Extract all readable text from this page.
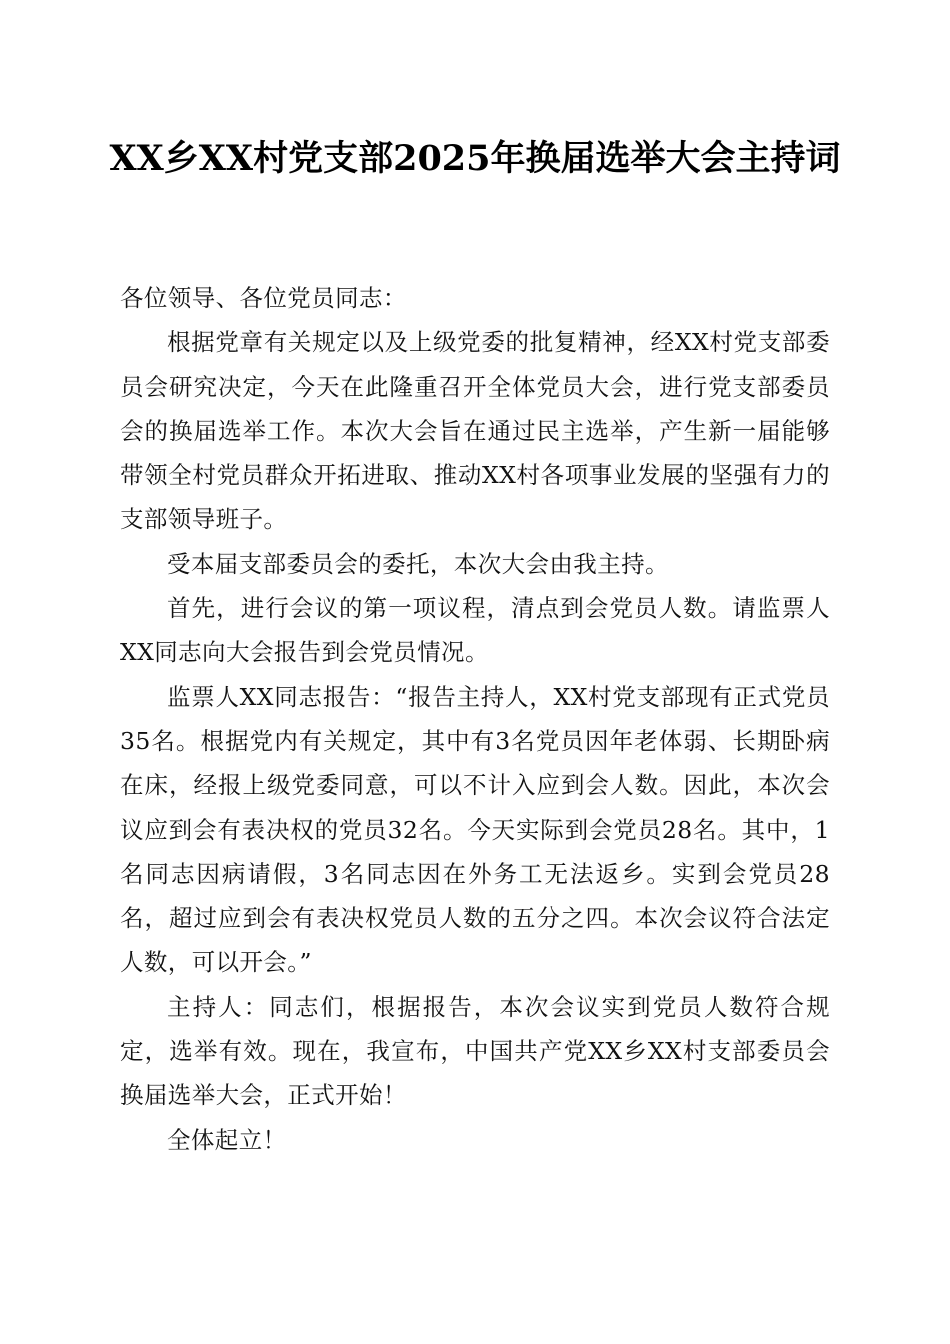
XX乡XX村党支部2025年换届选举大会主持词

各位领导、各位党员同志：

根据党章有关规定以及上级党委的批复精神，经XX村党支部委员会研究决定，今天在此隆重召开全体党员大会，进行党支部委员会的换届选举工作。本次大会旨在通过民主选举，产生新一届能够带领全村党员群众开拓进取、推动XX村各项事业发展的坚强有力的支部领导班子。

受本届支部委员会的委托，本次大会由我主持。

首先，进行会议的第一项议程，清点到会党员人数。请监票人XX同志向大会报告到会党员情况。

监票人XX同志报告：“报告主持人，XX村党支部现有正式党员35名。根据党内有关规定，其中有3名党员因年老体弱、长期卧病在床，经报上级党委同意，可以不计入应到会人数。因此，本次会议应到会有表决权的党员32名。今天实际到会党员28名。其中，1名同志因病请假，3名同志因在外务工无法返乡。实到会党员28名，超过应到会有表决权党员人数的五分之四。本次会议符合法定人数，可以开会。”

主持人：同志们，根据报告，本次会议实到党员人数符合规定，选举有效。现在，我宣布，中国共产党XX乡XX村支部委员会换届选举大会，正式开始！

全体起立！
